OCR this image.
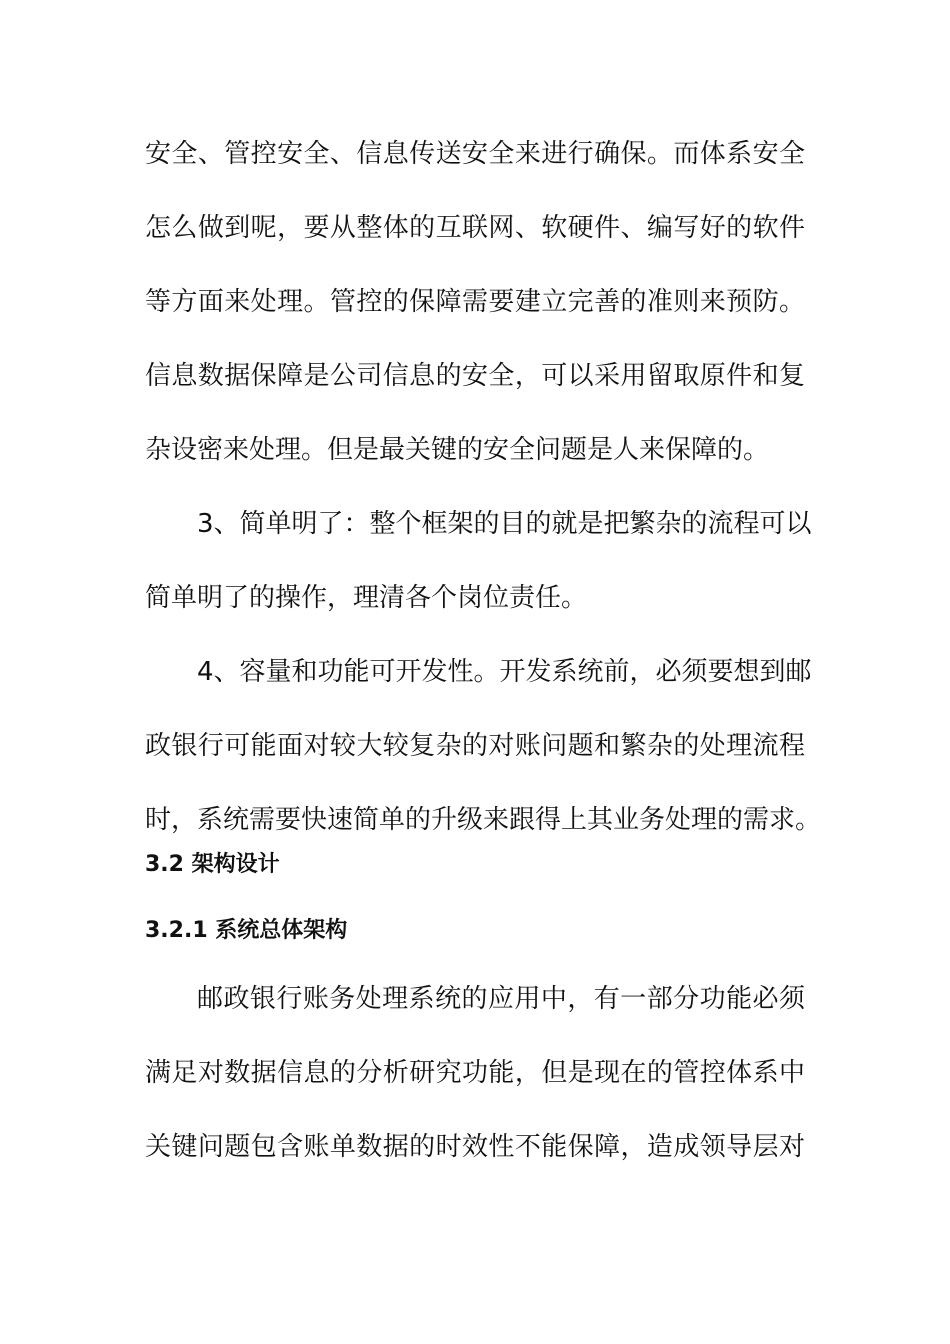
安全、管控安全、信息传送安全来进行确保。而体系安全
怎么做到呢，要从整体的互联网、软硬件、编写好的软件
等方面来处理。管控的保障需要建立完善的准则来预防。
信息数据保障是公司信息的安全，可以采用留取原件和复
杂设密来处理。但是最关键的安全问题是人来保障的。
3、简单明了：整个框架的目的就是把繁杂的流程可以
简单明了的操作，理清各个岗位责任。
4、容量和功能可开发性。开发系统前，必须要想到邮
政银行可能面对较大较复杂的对账问题和繁杂的处理流程
时，系统需要快速简单的升级来跟得上其业务处理的需求。
3.2 架构设计
3.2.1 系统总体架构
邮政银行账务处理系统的应用中，有一部分功能必须
满足对数据信息的分析研究功能，但是现在的管控体系中
关键问题包含账单数据的时效性不能保障，造成领导层对
